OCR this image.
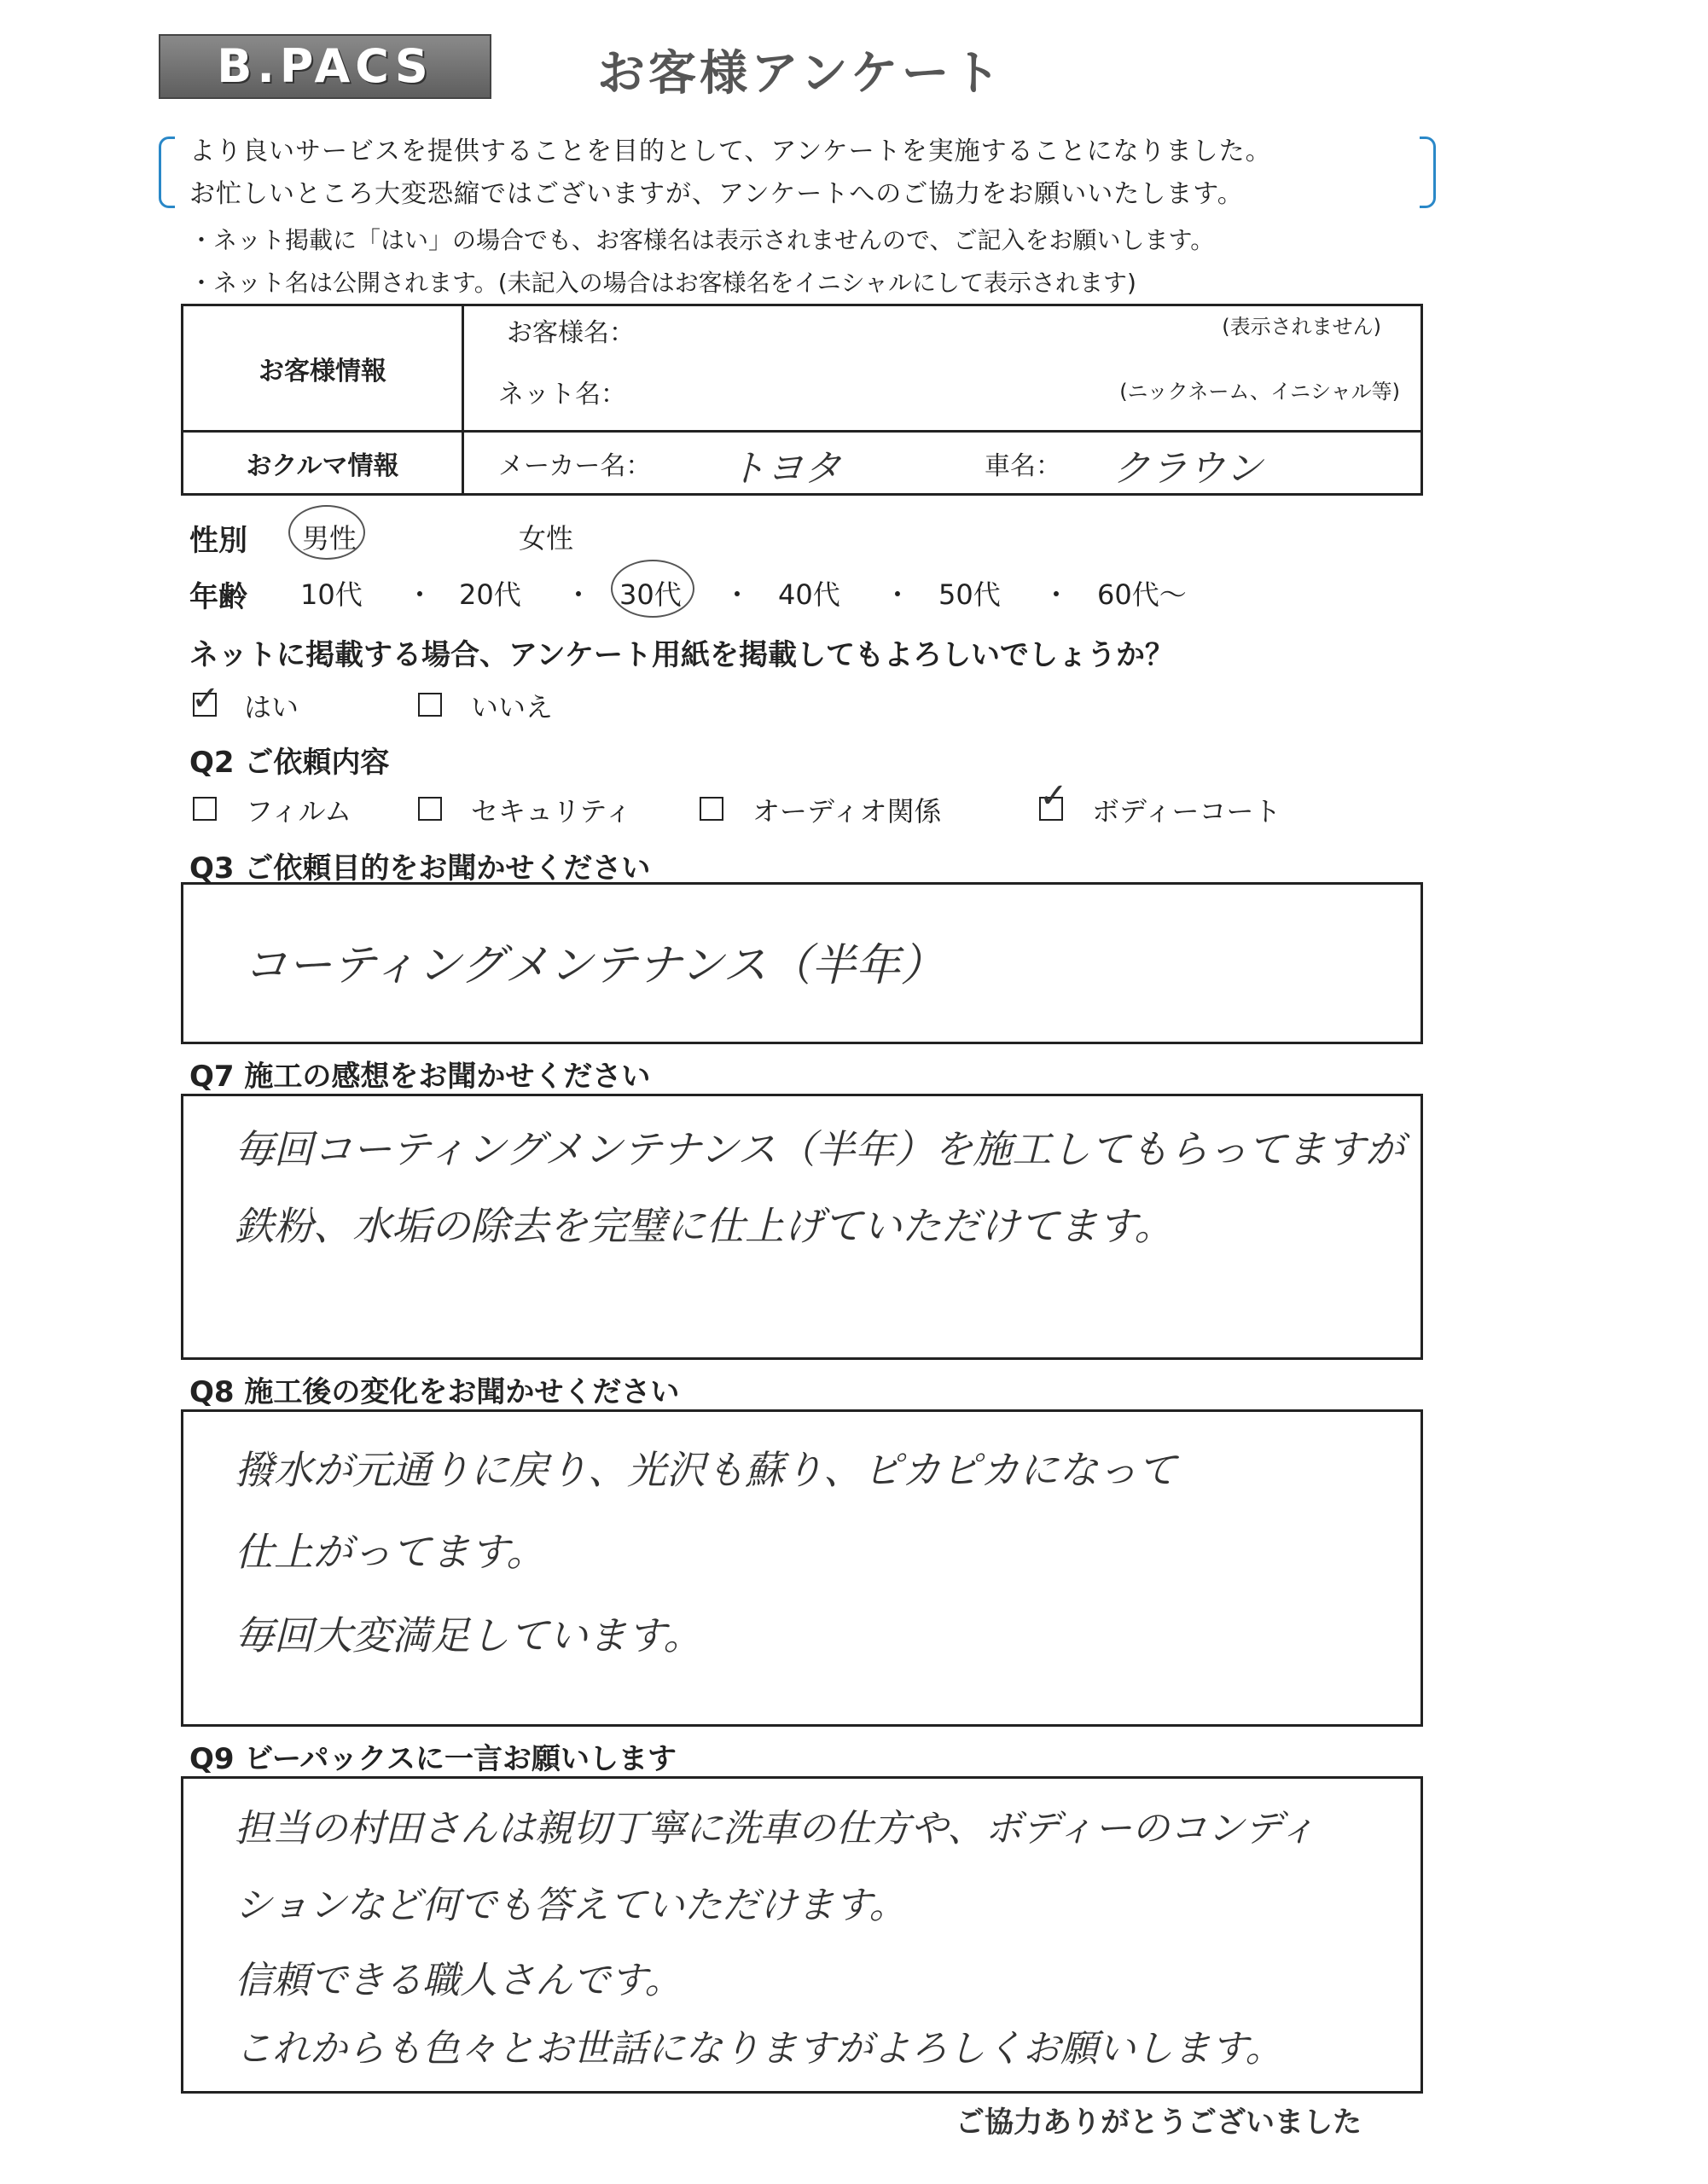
B.PACS	お客様アンケート
より良いサービスを提供することを目的として、アンケートを実施することになりました。
お忙しいところ大変恐縮ではございますが、アンケートへのご協力をお願いいたします。
・ネット掲載に「はい」の場合でも、お客様名は表示されませんので、ご記入をお願いします。
・ネット名は公開されます。(未記入の場合はお客様名をイニシャルにして表示されます)
お客様情報	お客様名： (表示されません)
ネット名： (ニックネーム、イニシャル等)

おクルマ情報	メーカー名： トヨタ 車名： クラウン
性別 男性	女性
年齢 10代 ・ 20代 ・ 30代 ・ 40代 ・ 50代 ・ 60代〜
ネットに掲載する場合、アンケート用紙を掲載してもよろしいでしょうか？
✓ はい	いいえ
Q2 ご依頼内容
フィルム	セキュリティ	オーディオ関係	✓ ボディーコート
Q3 ご依頼目的をお聞かせください
コーティングメンテナンス（半年）
Q7 施工の感想をお聞かせください
毎回コーティングメンテナンス（半年）を施工してもらってますが
鉄粉、水垢の除去を完璧に仕上げていただけてます。
Q8 施工後の変化をお聞かせください
撥水が元通りに戻り、光沢も蘇り、ピカピカになって
仕上がってます。
毎回大変満足しています。
Q9 ビーパックスに一言お願いします
担当の村田さんは親切丁寧に洗車の仕方や、ボディーのコンディ
ションなど何でも答えていただけます。
信頼できる職人さんです。
これからも色々とお世話になりますがよろしくお願いします。
ご協力ありがとうございました
